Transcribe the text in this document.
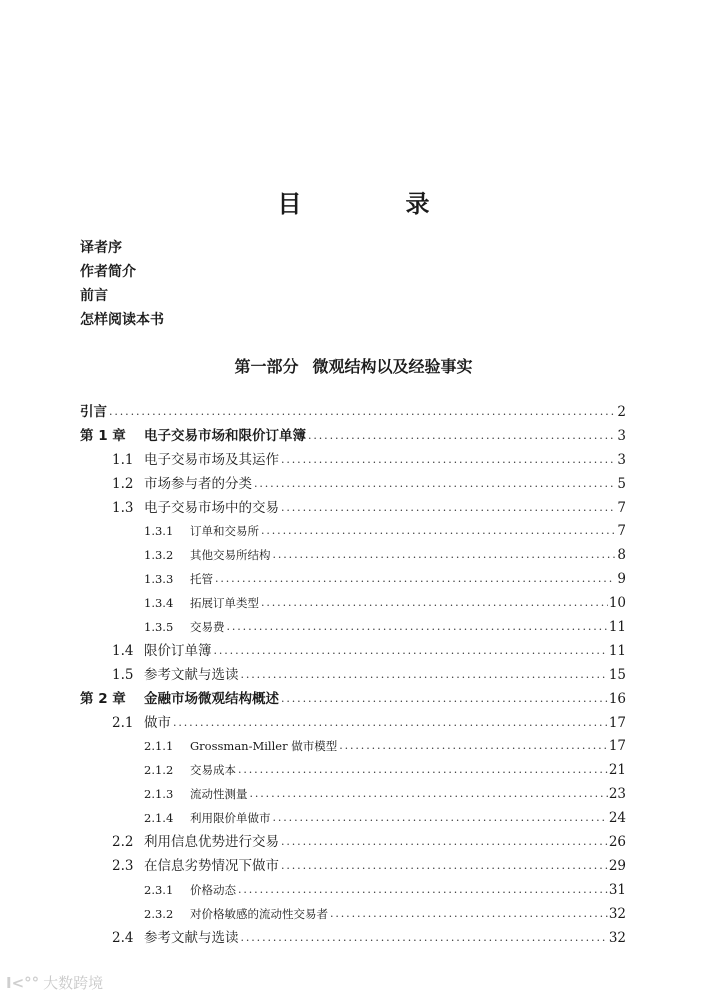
目　录
译者序
作者简介
前言
怎样阅读本书
第一部分 微观结构以及经验事实
引言 . . .	2
第 1 章	电子交易市场和限价订单簿 . . .	3
1.1 电子交易市场及其运作 . . .	3
1.2 市场参与者的分类 . . .	5
1.3 电子交易市场中的交易 . . .	7
1.3.1	订单和交易所 . . .	7
1.3.2	其他交易所结构 . . .	8
1.3.3	托管 . . .	9
1.3.4	拓展订单类型 . . .	10
1.3.5	交易费 . . .	11
1.4 限价订单簿 . . .	11
1.5 参考文献与选读 . . .	15
第 2 章	金融市场微观结构概述 . . .	16
2.1 做市 . . .	17
2.1.1	Grossman-Miller 做市模型 . . .	17
2.1.2	交易成本 . . .	21
2.1.3	流动性测量 . . .	23
2.1.4	利用限价单做市 . . .	24
2.2 利用信息优势进行交易 . . .	26
2.3 在信息劣势情况下做市 . . .	29
2.3.1	价格动态 . . .	31
2.3.2	对价格敏感的流动性交易者 . . .	32
2.4 参考文献与选读 . . .	32
I<°° 大数跨境
